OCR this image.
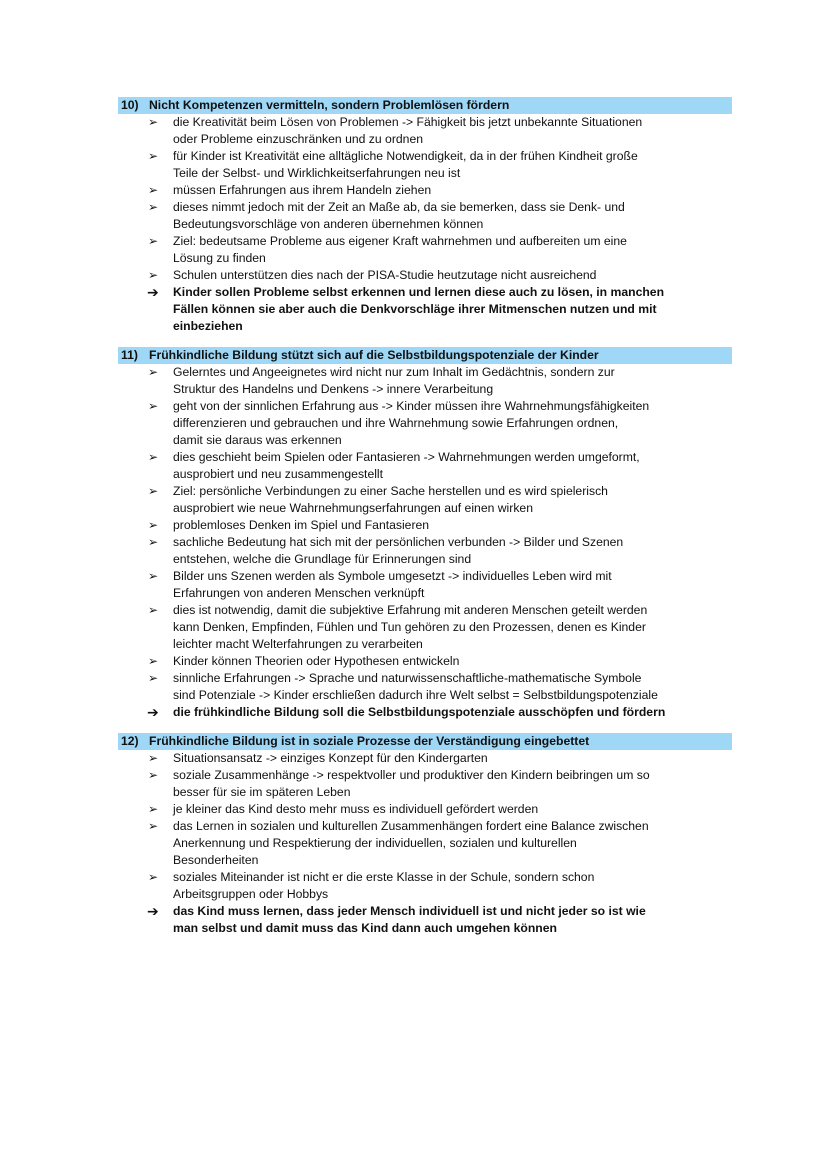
10) Nicht Kompetenzen vermitteln, sondern Problemlösen fördern
➢	die Kreativität beim Lösen von Problemen -> Fähigkeit bis jetzt unbekannte Situationen
oder Probleme einzuschränken und zu ordnen
➢	für Kinder ist Kreativität eine alltägliche Notwendigkeit, da in der frühen Kindheit große
Teile der Selbst- und Wirklichkeitserfahrungen neu ist
➢	müssen Erfahrungen aus ihrem Handeln ziehen
➢	dieses nimmt jedoch mit der Zeit an Maße ab, da sie bemerken, dass sie Denk- und
Bedeutungsvorschläge von anderen übernehmen können
➢	Ziel: bedeutsame Probleme aus eigener Kraft wahrnehmen und aufbereiten um eine
Lösung zu finden
➢	Schulen unterstützen dies nach der PISA-Studie heutzutage nicht ausreichend
➔	Kinder sollen Probleme selbst erkennen und lernen diese auch zu lösen, in manchen
Fällen können sie aber auch die Denkvorschläge ihrer Mitmenschen nutzen und mit
einbeziehen
11) Frühkindliche Bildung stützt sich auf die Selbstbildungspotenziale der Kinder
➢	Gelerntes und Angeeignetes wird nicht nur zum Inhalt im Gedächtnis, sondern zur
Struktur des Handelns und Denkens -> innere Verarbeitung
➢	geht von der sinnlichen Erfahrung aus -> Kinder müssen ihre Wahrnehmungsfähigkeiten
differenzieren und gebrauchen und ihre Wahrnehmung sowie Erfahrungen ordnen,
damit sie daraus was erkennen
➢	dies geschieht beim Spielen oder Fantasieren -> Wahrnehmungen werden umgeformt,
ausprobiert und neu zusammengestellt
➢	Ziel: persönliche Verbindungen zu einer Sache herstellen und es wird spielerisch
ausprobiert wie neue Wahrnehmungserfahrungen auf einen wirken
➢	problemloses Denken im Spiel und Fantasieren
➢	sachliche Bedeutung hat sich mit der persönlichen verbunden -> Bilder und Szenen
entstehen, welche die Grundlage für Erinnerungen sind
➢	Bilder uns Szenen werden als Symbole umgesetzt -> individuelles Leben wird mit
Erfahrungen von anderen Menschen verknüpft
➢	dies ist notwendig, damit die subjektive Erfahrung mit anderen Menschen geteilt werden
kann Denken, Empfinden, Fühlen und Tun gehören zu den Prozessen, denen es Kinder
leichter macht Welterfahrungen zu verarbeiten
➢	Kinder können Theorien oder Hypothesen entwickeln
➢	sinnliche Erfahrungen -> Sprache und naturwissenschaftliche-mathematische Symbole
sind Potenziale -> Kinder erschließen dadurch ihre Welt selbst = Selbstbildungspotenziale
➔	die frühkindliche Bildung soll die Selbstbildungspotenziale ausschöpfen und fördern
12) Frühkindliche Bildung ist in soziale Prozesse der Verständigung eingebettet
➢	Situationsansatz -> einziges Konzept für den Kindergarten
➢	soziale Zusammenhänge -> respektvoller und produktiver den Kindern beibringen um so
besser für sie im späteren Leben
➢	je kleiner das Kind desto mehr muss es individuell gefördert werden
➢	das Lernen in sozialen und kulturellen Zusammenhängen fordert eine Balance zwischen
Anerkennung und Respektierung der individuellen, sozialen und kulturellen
Besonderheiten
➢	soziales Miteinander ist nicht er die erste Klasse in der Schule, sondern schon
Arbeitsgruppen oder Hobbys
➔	das Kind muss lernen, dass jeder Mensch individuell ist und nicht jeder so ist wie
man selbst und damit muss das Kind dann auch umgehen können
